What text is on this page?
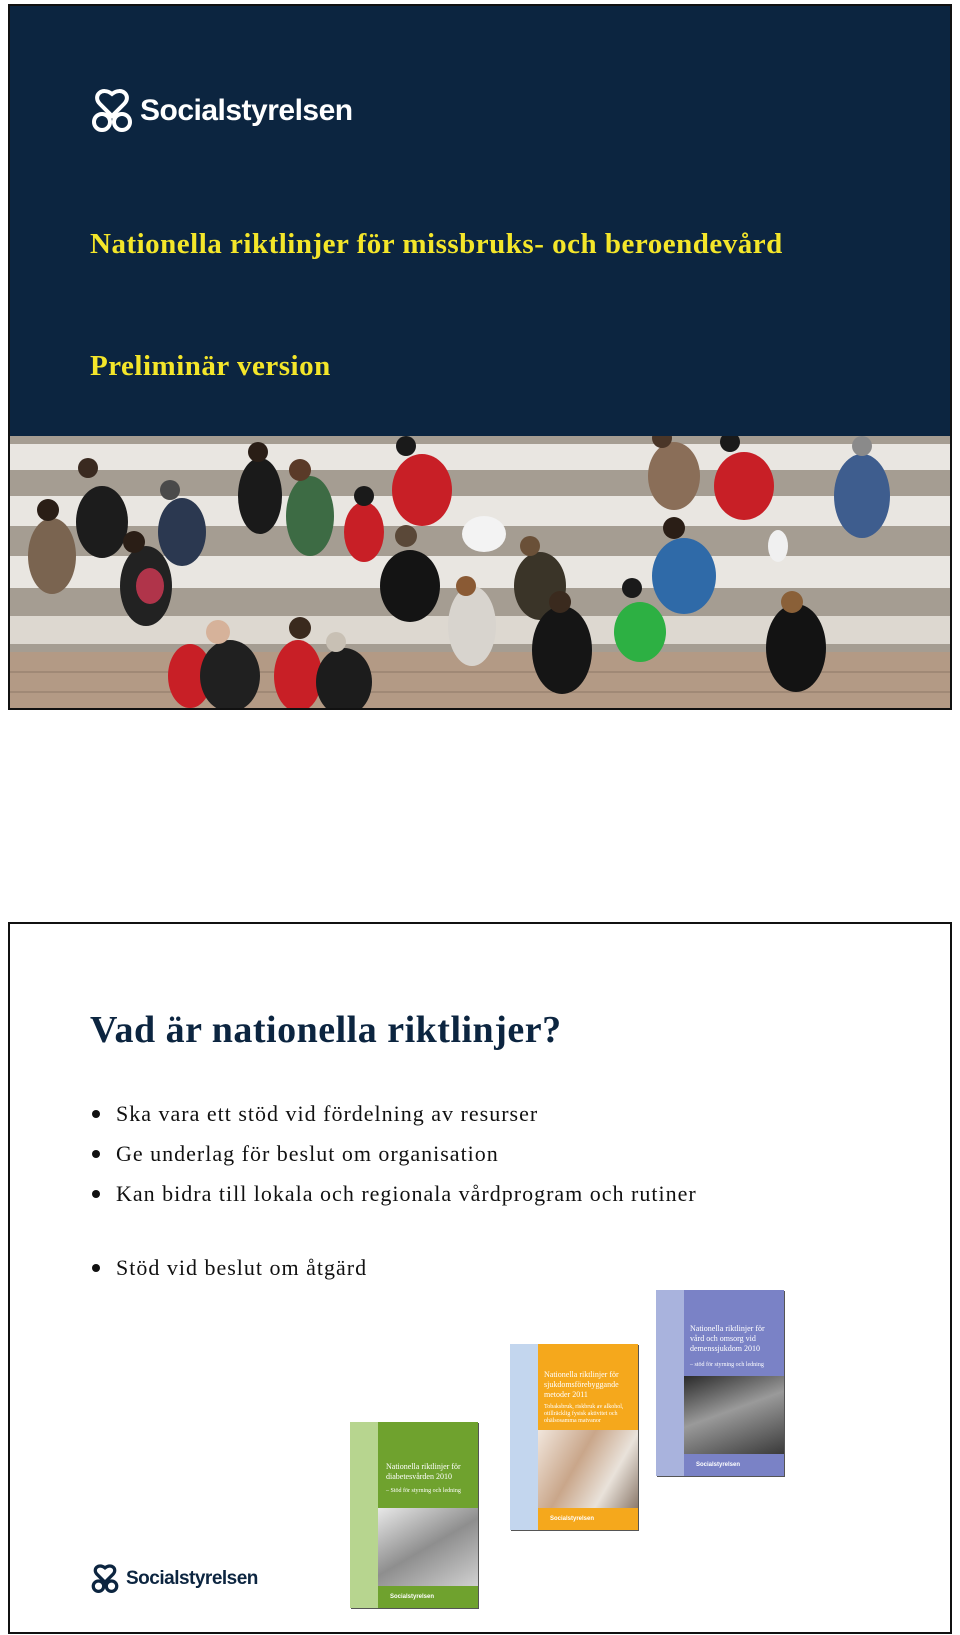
Socialstyrelsen
Nationella riktlinjer för missbruks- och beroendevård

Preliminär version

Vad är nationella riktlinjer?
Ska vara ett stöd vid fördelning av resurser
Ge underlag för beslut om organisation
Kan bidra till lokala och regionala vårdprogram och rutiner
Stöd vid beslut om åtgärd
Nationella riktlinjer för vård och omsorg vid demenssjukdom 2010
– stöd för styrning och ledning
Socialstyrelsen
Nationella riktlinjer för sjukdomsförebyggande metoder 2011
Tobaksbruk, riskbruk av alkohol, otillräcklig fysisk aktivitet och ohälsosamma matvanor
Socialstyrelsen
Nationella riktlinjer för diabetesvården 2010
– Stöd för styrning och ledning
Socialstyrelsen
Socialstyrelsen
